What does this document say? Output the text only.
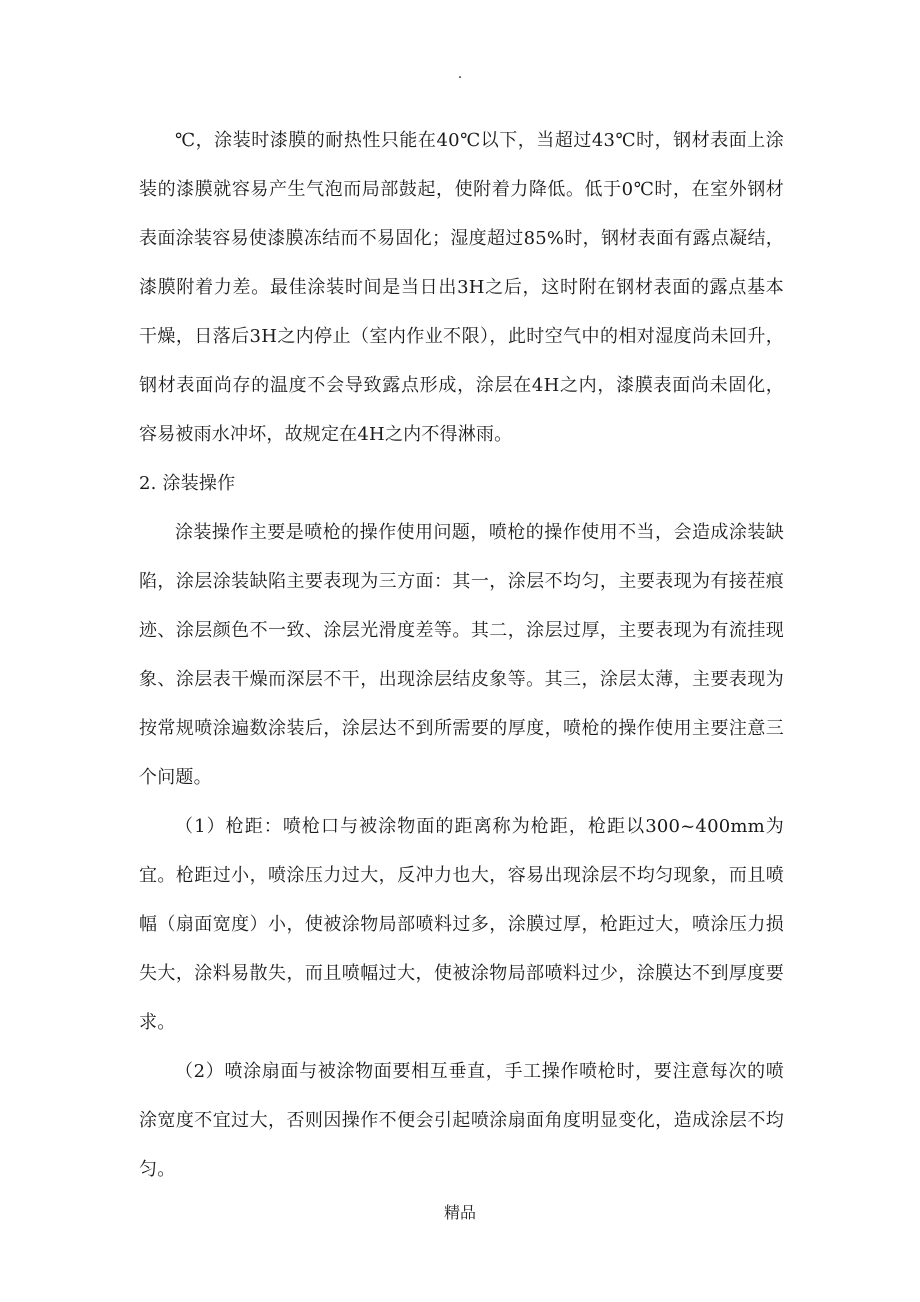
.

℃，涂装时漆膜的耐热性只能在40℃以下，当超过43℃时，钢材表面上涂装的漆膜就容易产生气泡而局部鼓起，使附着力降低。低于0℃时，在室外钢材表面涂装容易使漆膜冻结而不易固化；湿度超过85%时，钢材表面有露点凝结，漆膜附着力差。最佳涂装时间是当日出3H之后，这时附在钢材表面的露点基本干燥，日落后3H之内停止（室内作业不限），此时空气中的相对湿度尚未回升，钢材表面尚存的温度不会导致露点形成，涂层在4H之内，漆膜表面尚未固化，容易被雨水冲坏，故规定在4H之内不得淋雨。

2. 涂装操作

涂装操作主要是喷枪的操作使用问题，喷枪的操作使用不当，会造成涂装缺陷，涂层涂装缺陷主要表现为三方面：其一，涂层不均匀，主要表现为有接茬痕迹、涂层颜色不一致、涂层光滑度差等。其二，涂层过厚，主要表现为有流挂现象、涂层表干燥而深层不干，出现涂层结皮象等。其三，涂层太薄，主要表现为按常规喷涂遍数涂装后，涂层达不到所需要的厚度，喷枪的操作使用主要注意三个问题。

（1）枪距：喷枪口与被涂物面的距离称为枪距，枪距以300~400mm为宜。枪距过小，喷涂压力过大，反冲力也大，容易出现涂层不均匀现象，而且喷幅（扇面宽度）小，使被涂物局部喷料过多，涂膜过厚，枪距过大，喷涂压力损失大，涂料易散失，而且喷幅过大，使被涂物局部喷料过少，涂膜达不到厚度要求。

（2）喷涂扇面与被涂物面要相互垂直，手工操作喷枪时，要注意每次的喷涂宽度不宜过大，否则因操作不便会引起喷涂扇面角度明显变化，造成涂层不均匀。

精品
